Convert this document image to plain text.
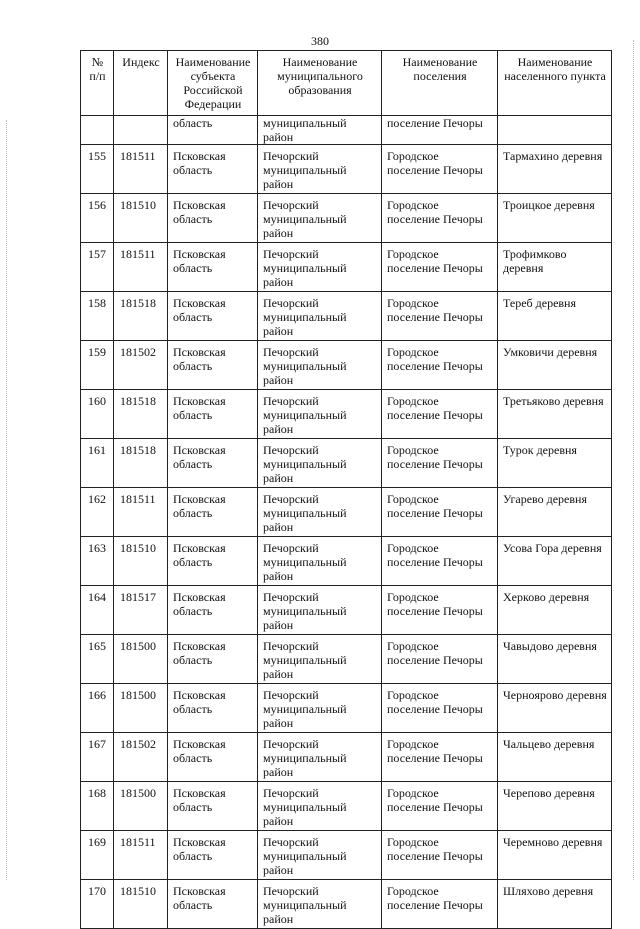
380
№ п/п	Индекс	Наименование субъекта Российской Федерации	Наименование муниципального образования	Наименование поселения	Наименование населенного пункта
		область	муниципальный район	поселение Печоры	
155	181511	Псковская область	Печорский муниципальный район	Городское поселение Печоры	Тармахино деревня
156	181510	Псковская область	Печорский муниципальный район	Городское поселение Печоры	Троицкое деревня
157	181511	Псковская область	Печорский муниципальный район	Городское поселение Печоры	Трофимково деревня
158	181518	Псковская область	Печорский муниципальный район	Городское поселение Печоры	Тереб деревня
159	181502	Псковская область	Печорский муниципальный район	Городское поселение Печоры	Умковичи деревня
160	181518	Псковская область	Печорский муниципальный район	Городское поселение Печоры	Третьяково деревня
161	181518	Псковская область	Печорский муниципальный район	Городское поселение Печоры	Турок деревня
162	181511	Псковская область	Печорский муниципальный район	Городское поселение Печоры	Угарево деревня
163	181510	Псковская область	Печорский муниципальный район	Городское поселение Печоры	Усова Гора деревня
164	181517	Псковская область	Печорский муниципальный район	Городское поселение Печоры	Херково деревня
165	181500	Псковская область	Печорский муниципальный район	Городское поселение Печоры	Чавыдово деревня
166	181500	Псковская область	Печорский муниципальный район	Городское поселение Печоры	Черноярово деревня
167	181502	Псковская область	Печорский муниципальный район	Городское поселение Печоры	Чальцево деревня
168	181500	Псковская область	Печорский муниципальный район	Городское поселение Печоры	Черепово деревня
169	181511	Псковская область	Печорский муниципальный район	Городское поселение Печоры	Черемново деревня
170	181510	Псковская область	Печорский муниципальный район	Городское поселение Печоры	Шляхово деревня
